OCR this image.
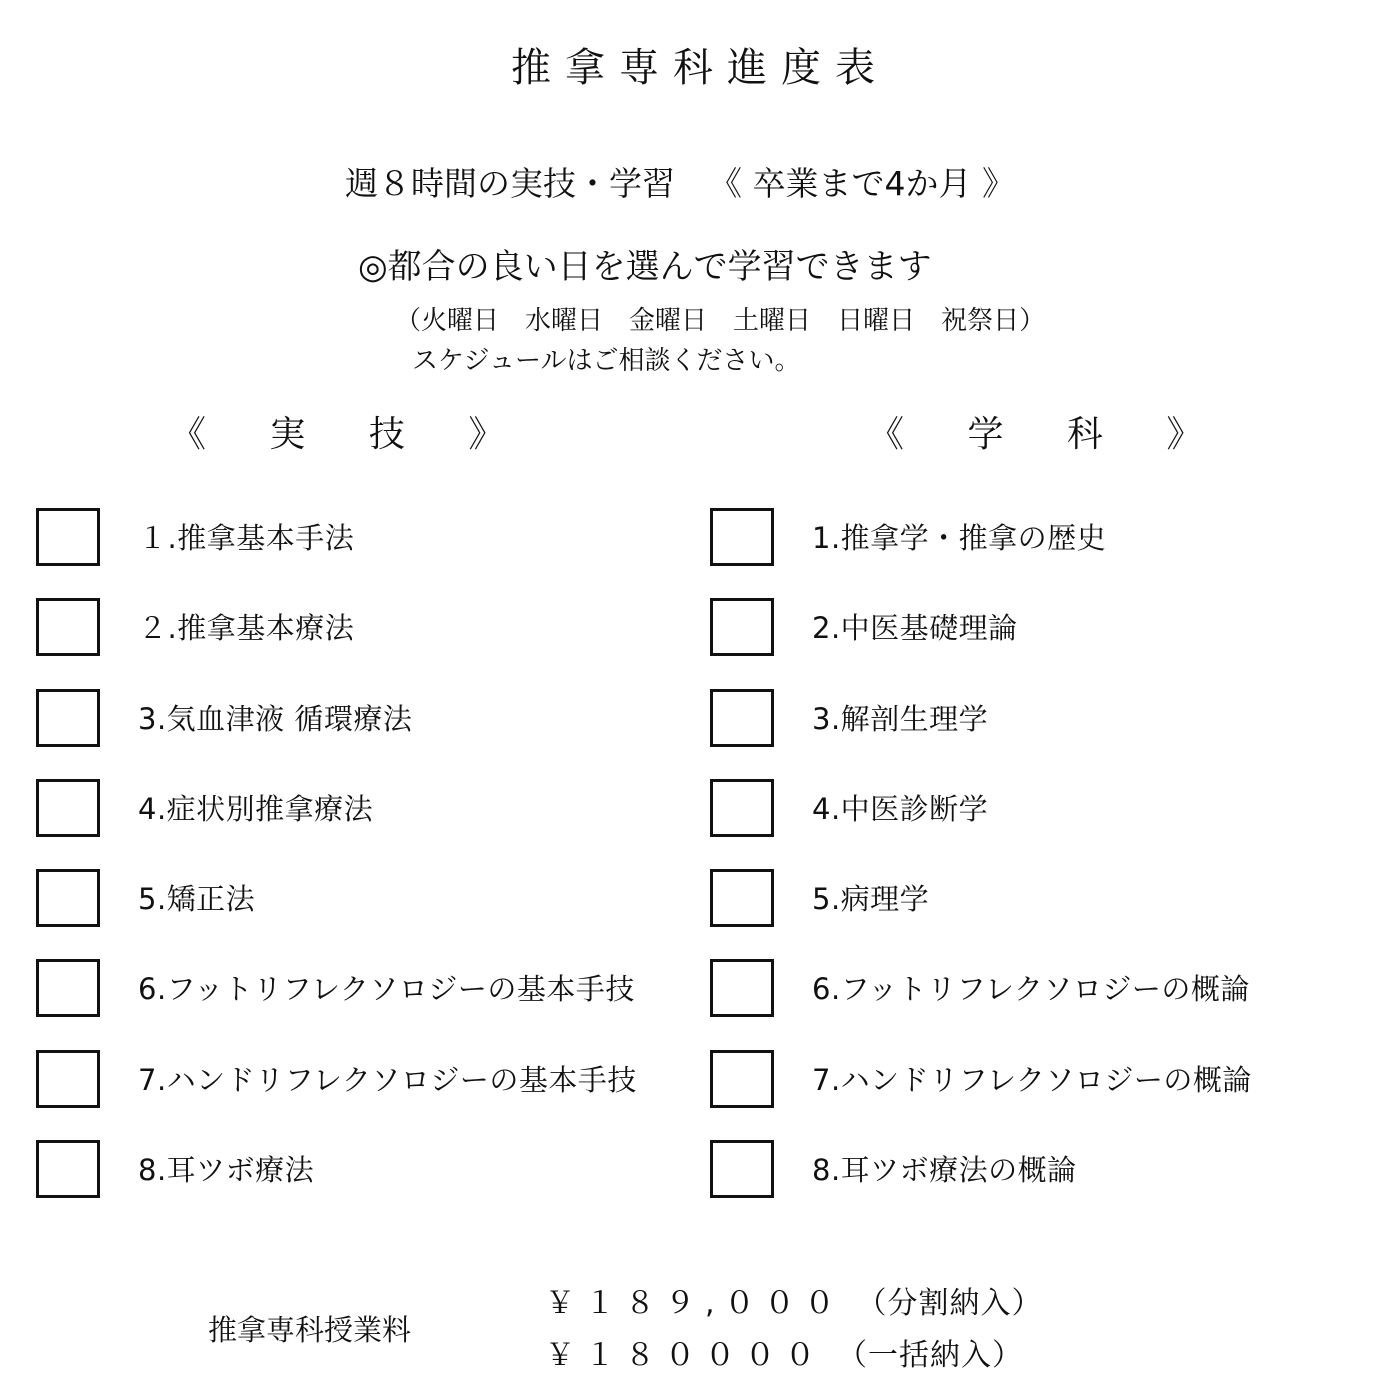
推拿専科進度表
週８時間の実技・学習 《 卒業まで4か月 》
◎都合の良い日を選んで学習できます
（火曜日 水曜日 金曜日 土曜日 日曜日 祝祭日）
スケジュールはご相談ください。
《 実 技 》	《 学 科 》
１.推拿基本手法
２.推拿基本療法
3.気血津液 循環療法
4.症状別推拿療法
5.矯正法
6.フットリフレクソロジーの基本手技
7.ハンドリフレクソロジーの基本手技
8.耳ツボ療法
1.推拿学・推拿の歴史
2.中医基礎理論
3.解剖生理学
4.中医診断学
5.病理学
6.フットリフレクソロジーの概論
7.ハンドリフレクソロジーの概論
8.耳ツボ療法の概論
推拿専科授業料
￥１８９,０００ （分割納入）
￥１８００００ （一括納入）
